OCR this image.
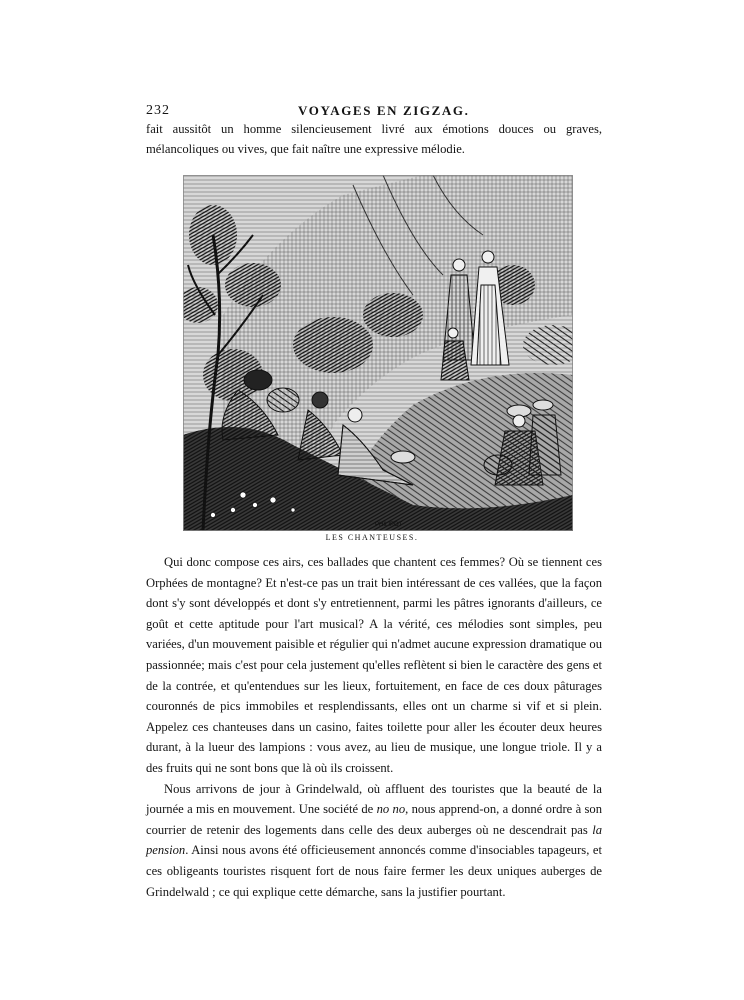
232	VOYAGES EN ZIGZAG.
fait aussitôt un homme silencieusement livré aux émotions douces ou graves, mélancoliques ou vives, que fait naître une expressive mélodie.
PHILIPOT
LES CHANTEUSES.

Qui donc compose ces airs, ces ballades que chantent ces femmes? Où se tiennent ces Orphées de montagne? Et n'est-ce pas un trait bien intéressant de ces vallées, que la façon dont s'y sont développés et dont s'y entretiennent, parmi les pâtres ignorants d'ailleurs, ce goût et cette aptitude pour l'art musical? A la vérité, ces mélodies sont simples, peu variées, d'un mouvement paisible et régulier qui n'admet aucune expression dramatique ou passionnée; mais c'est pour cela justement qu'elles reflètent si bien le caractère des gens et de la contrée, et qu'entendues sur les lieux, fortuitement, en face de ces doux pâturages couronnés de pics immobiles et resplendissants, elles ont un charme si vif et si plein. Appelez ces chanteuses dans un casino, faites toilette pour aller les écouter deux heures durant, à la lueur des lampions : vous avez, au lieu de musique, une longue triole. Il y a des fruits qui ne sont bons que là où ils croissent.

Nous arrivons de jour à Grindelwald, où affluent des touristes que la beauté de la journée a mis en mouvement. Une société de no no, nous apprend-on, a donné ordre à son courrier de retenir des logements dans celle des deux auberges où ne descendrait pas la pension. Ainsi nous avons été officieusement annoncés comme d'insociables tapageurs, et ces obligeants touristes risquent fort de nous faire fermer les deux uniques auberges de Grindelwald ; ce qui explique cette démarche, sans la justifier pourtant.
